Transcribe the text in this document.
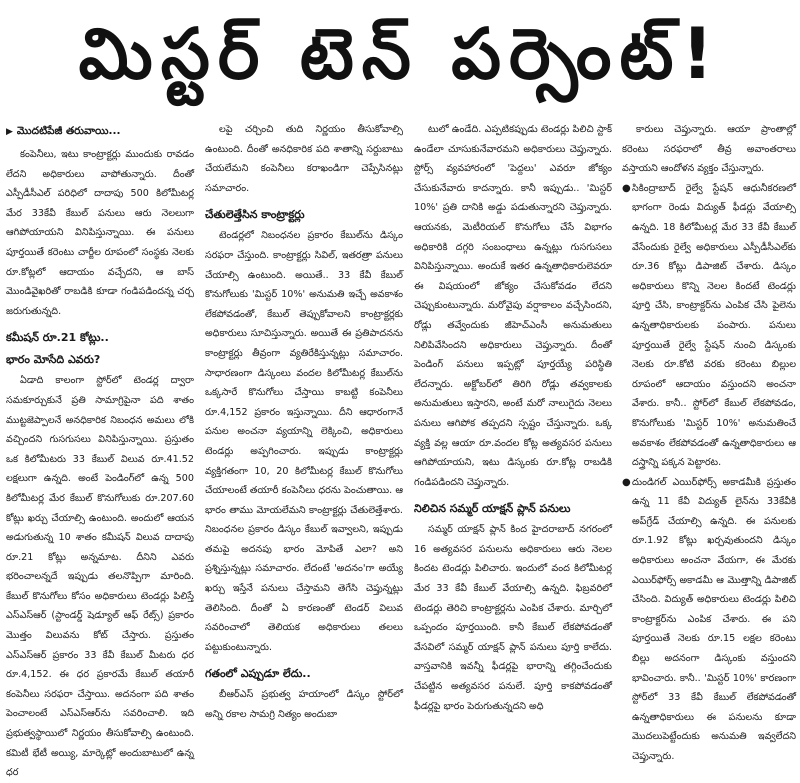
మిస్టర్ టెన్ పర్సెంట్!
▶ మొదటిపేజీ తరువాయి...
కంపెనీలు, ఇటు కాంట్రాక్టర్లు ముందుకు రావడం లేదని అధికారులు వాపోతున్నారు. దీంతో ఎస్పీడీసీఎల్ పరిధిలో దాదాపు 500 కిలోమీటర్ల మేర 33కేవీ కేబుల్ పనులు ఆరు నెలలుగా ఆగిపోయాయని వినిపిస్తున్నాయి. ఈ పనులు పూర్తయితే కరెంటు చార్జీల రూపంలో సంస్థకు నెలకు రూ.కోట్లలో ఆదాయం వచ్చేదని, ఆ బాస్ మొండివైఖరితో రాబడికి కూడా గండిపడిందన్న చర్చ జరుగుతున్నది.
కమీషన్ రూ.21 కోట్లు..
భారం మోసేది ఎవరు?
ఏడాది కాలంగా స్టోర్‌లో టెండర్ల ద్వారా సమకూర్చుకునే ప్రతి సామాగ్రిపైనా పది శాతం ముట్టజెప్పాలనే అనధికారిక నిబంధన అమలు లోకి వచ్చిందని గుసగుసలు వినిపిస్తున్నాయి. ప్రస్తుతం ఒక కిలోమీటరు 33 కేబుల్ విలువ రూ.41.52 లక్షలుగా ఉన్నది. అంటే పెండింగ్‌లో ఉన్న 500 కిలోమీటర్ల మేర కేబుల్ కొనుగోలుకు రూ.207.60 కోట్లు ఖర్చు చేయాల్సి ఉంటుంది. అందులో ఆయన అడుగుతున్న 10 శాతం కమీషన్ విలువ దాదాపు రూ.21 కోట్లు అన్నమాట. దీనిని ఎవరు భరించాలన్నదే ఇప్పుడు తలనొప్పిగా మారింది. కేబుల్ కొనుగోలు కోసం అధికారులు టెండర్లు పిలిస్తే ఎస్ఎస్ఆర్ (స్టాండర్డ్ షెడ్యూల్ ఆఫ్ రేట్స్) ప్రకారం మొత్తం విలువను కోట్ చేస్తారు. ప్రస్తుతం ఎస్ఎస్ఆర్ ప్రకారం 33 కేవీ కేబుల్ మీటరు ధర రూ.4,152. ఈ ధర ప్రకారమే కేబుల్ తయారీ కంపెనీలు సరఫరా చేస్తాయి. అదనంగా పది శాతం పెంచాలంటే ఎస్ఎస్ఆర్‌ను సవరించాలి. ఇది ప్రభుత్వస్థాయిలో నిర్ణయం తీసుకోవాల్సి ఉంటుంది. కమిటీ భేటీ అయ్యి, మార్కెట్లో అందుబాటులో ఉన్న ధర
లపై చర్చించి తుది నిర్ణయం తీసుకోవాల్సి ఉంటుంది. దీంతో అనధికారిక పది శాతాన్ని సర్దుబాటు చేయలేమని కంపెనీలు కరాఖండిగా చెప్పేసినట్లు సమాచారం.
చేతులెత్తేసిన కాంట్రాక్టర్లు
టెండర్లలో నిబంధనల ప్రకారం కేబుల్‌ను డిస్కం సరఫరా చేస్తుంది. కాంట్రాక్టర్లు సివిల్, ఇతరత్రా పనులు చేయాల్సి ఉంటుంది. అయితే.. 33 కేవీ కేబుల్ కొనుగోలుకు 'మిస్టర్ 10%' అనుమతి ఇచ్చే అవకాశం లేకపోవడంతో, కేబుల్ తెప్పుకోవాలని కాంట్రాక్టర్లకు అధికారులు సూచిస్తున్నారు. అయితే ఈ ప్రతిపాదనను కాంట్రాక్టర్లు తీవ్రంగా వ్యతిరేకిస్తున్నట్లు సమాచారం. సాధారణంగా డిస్కంలు వందల కిలోమీటర్ల కేబుల్‌ను ఒక్కసారే కొనుగోలు చేస్తాయి కాబట్టి కంపెనీలు రూ.4,152 ప్రకారం ఇస్తున్నాయి. దీని ఆధారంగానే పనుల అంచనా వ్యయాన్ని లెక్కించి, అధికారులు టెండర్లు అప్పగించారు. ఇప్పుడు కాంట్రాక్టర్లు వ్యక్తిగతంగా 10, 20 కిలోమీటర్ల కేబుల్ కొనుగోలు చేయాలంటే తయారీ కంపెనీలు ధరను పెంచుతాయి. ఆ భారం తాము మోయలేమని కాంట్రాక్టర్లు చేతులెత్తేశారు. నిబంధనల ప్రకారం డిస్కం కేబుల్ ఇవ్వాలని, ఇప్పుడు తమపై అదనపు భారం మోపితే ఎలా? అని ప్రశ్నిస్తున్నట్లు సమాచారం. లేదంటే 'అదనం'గా అయ్యే ఖర్చు ఇస్తేనే పనులు చేస్తామని తెగేసి చెప్తున్నట్లు తెలిసింది. దీంతో ఏ కారణంతో టెండర్ విలువ సవరించాలో తెలియక అధికారులు తలలు పట్టుకుంటున్నారు.
గతంలో ఎప్పుడూ లేదు..
బీఆర్ఎస్ ప్రభుత్వ హయాంలో డిస్కం స్టోర్‌లో అన్ని రకాల సామగ్రి నిత్యం అందుబా
టులో ఉండేది. ఎప్పటికప్పుడు టెండర్లు పిలిచి స్టాక్ ఉండేలా చూసుకునేవారమని అధికారులు చెప్తున్నారు. స్టోర్స్ వ్యవహారంలో 'పెద్దలు' ఎవరూ జోక్యం చేసుకునేవారు కాదన్నారు. కానీ ఇప్పుడు.. 'మిస్టర్ 10%' ప్రతి దానికి అడ్డు పడుతున్నారని చెప్తున్నారు. ఆయనకు, మెటీరియల్ కొనుగోలు చేసే విభాగం అధికారికి దగ్గరి సంబంధాలు ఉన్నట్లు గుసగుసలు వినిపిస్తున్నాయి. అందుకే ఇతర ఉన్నతాధికారులెవరూ ఈ విషయంలో జోక్యం చేసుకోవడం లేదని చెప్పుకుంటున్నారు. మరోవైపు వర్షాకాలం వచ్చేసిందని, రోడ్లు తవ్వేందుకు జీహెచ్ఎంసీ అనుమతులు నిలిపివేసిందని అధికారులు చెప్తున్నారు. దీంతో పెండింగ్ పనులు ఇప్పట్లో పూర్తయ్యే పరిస్థితి లేదన్నారు. అక్టోబర్‌లో తిరిగి రోడ్లు తవ్వకాలకు అనుమతులు ఇస్తారని, అంటే మరో నాలుగైదు నెలలు పనులు ఆగిపోక తప్పదని స్పష్టం చేస్తున్నారు. ఒక్క వ్యక్తి వల్ల ఆయా రూ.వందల కోట్ల అత్యవసర పనులు ఆగిపోయాయని, ఇటు డిస్కంకు రూ.కోట్ల రాబడికి గండిపడిందని చెప్తున్నారు.
నిలిచిన సమ్మర్ యాక్షన్ ప్లాన్ పనులు
సమ్మర్ యాక్షన్ ప్లాన్ కింద హైదరాబాద్ నగరంలో 16 అత్యవసర పనులను అధికారులు ఆరు నెలల కిందట టెండర్లు పిలిచారు. ఇందులో వంద కిలోమీటర్ల మేర 33 కేవీ కేబుల్ వేయాల్సి ఉన్నది. ఫిబ్రవరిలో టెండర్లు తెరిచి కాంట్రాక్టర్లను ఎంపిక చేశారు. మార్చిలో ఒప్పందం పూర్తయింది. కానీ కేబుల్ లేకపోవడంతో వేసవిలో సమ్మర్ యాక్షన్ ప్లాన్ పనులు పూర్తి కాలేదు. వాస్తవానికి ఇవన్నీ ఫీడర్లపై భారాన్ని తగ్గించేందుకు చేపట్టిన అత్యవసర పనులే. పూర్తి కాకపోవడంతో ఫీడర్లపై భారం పెరుగుతున్నదని అధి
కారులు చెప్తున్నారు. ఆయా ప్రాంతాల్లో కరెంటు సరఫరాలో తీవ్ర అవాంతరాలు వస్తాయని ఆందోళన వ్యక్తం చేస్తున్నారు.
● సికింద్రాబాద్ రైల్వే స్టేషన్ ఆధునీకరణలో భాగంగా రెండు విద్యుత్ ఫీడర్లు వేయాల్సి ఉన్నది. 18 కిలోమీటర్ల మేర 33 కేవీ కేబుల్ వేసేందుకు రైల్వే అధికారులు ఎస్పీడీసీఎల్‌కు రూ.36 కోట్లు డిపాజిట్ చేశారు. డిస్కం అధికారులు కొన్ని నెలల కిందటే టెండర్లు పూర్తి చేసి, కాంట్రాక్టర్‌ను ఎంపిక చేసి పైలెను ఉన్నతాధికారులకు పంపారు. పనులు పూర్తయితే రైల్వే స్టేషన్ నుంచి డిస్కంకు నెలకు రూ.కోటి వరకు కరెంటు బిల్లుల రూపంలో ఆదాయం వస్తుందని అంచనా వేశారు. కానీ.. స్టోర్‌లో కేబుల్ లేకపోవడం, కొనుగోలుకు 'మిస్టర్ 10%' అనుమతించే అవకాశం లేకపోవడంతో ఉన్నతాధికారులు ఆ దస్త్రాన్ని పక్కన పెట్టారట.
● దుండిగల్ ఎయిర్‌ఫోర్స్ అకాడమీకి ప్రస్తుతం ఉన్న 11 కేవీ విద్యుత్ లైన్‌ను 33కేవీకి అప్‌గ్రేడ్ చేయాల్సి ఉన్నది. ఈ పనులకు రూ.1.92 కోట్లు ఖర్చవుతుందని డిస్కం అధికారులు అంచనా వేయగా, ఈ మేరకు ఎయిర్‌ఫోర్స్ అకాడమీ ఆ మొత్తాన్ని డిపాజిట్ చేసింది. విద్యుత్ అధికారులు టెండర్లు పిలిచి కాంట్రాక్టర్‌ను ఎంపిక చేశారు. ఈ పని పూర్తయితే నెలకు రూ.15 లక్షల కరెంటు బిల్లు అదనంగా డిస్కంకు వస్తుందని భావించారు. కానీ.. 'మిస్టర్ 10%' కారణంగా స్టోర్‌లో 33 కేవీ కేబుల్ లేకపోవడంతో ఉన్నతాధికారులు ఈ పనులను కూడా మొదలుపెట్టేందుకు అనుమతి ఇవ్వలేదని చెప్తున్నారు.
